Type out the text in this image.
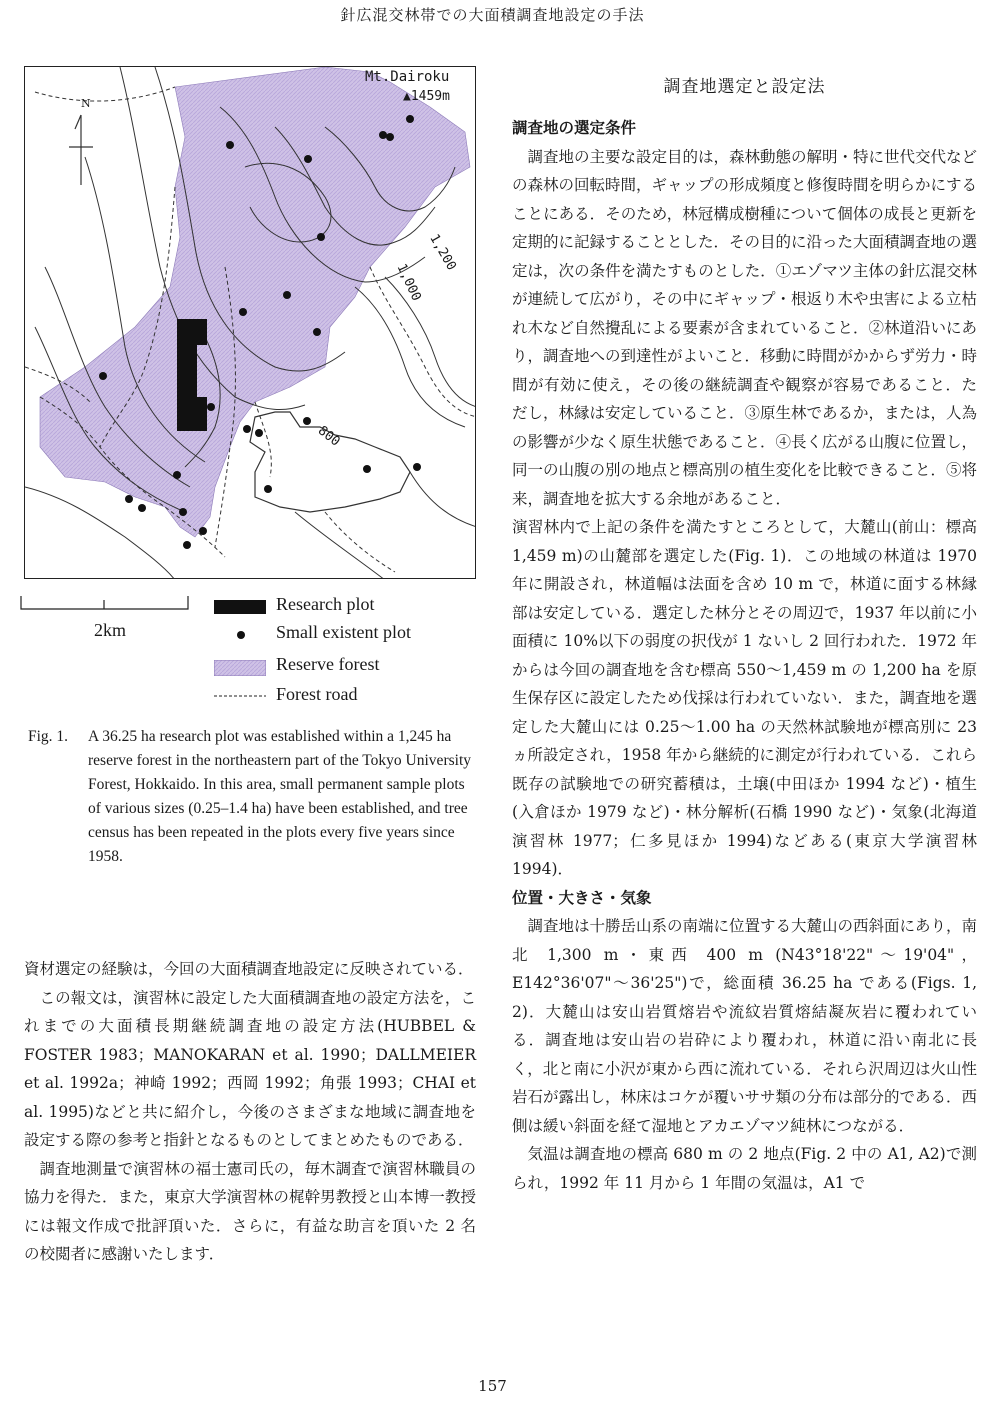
針広混交林帯での大面積調査地設定の手法
N
Mt.Dairoku
▲1459m
1,200
1,000
800
2km
Research plot
Small existent plot
Reserve forest
Forest road
Fig. 1. A 36.25 ha research plot was established within a 1,245 ha reserve forest in the northeastern part of the Tokyo University Forest, Hokkaido. In this area, small permanent sample plots of various sizes (0.25–1.4 ha) have been established, and tree census has been repeated in the plots every five years since 1958.

資材選定の経験は，今回の大面積調査地設定に反映されている．

この報文は，演習林に設定した大面積調査地の設定方法を，これまでの大面積長期継続調査地の設定方法(HUBBEL & FOSTER 1983；MANOKARAN et al. 1990；DALLMEIER et al. 1992a；神崎 1992；西岡 1992；角張 1993；CHAI et al. 1995)などと共に紹介し，今後のさまざまな地域に調査地を設定する際の参考と指針となるものとしてまとめたものである．

調査地測量で演習林の福士憲司氏の，毎木調査で演習林職員の協力を得た．また，東京大学演習林の梶幹男教授と山本博一教授には報文作成で批評頂いた．さらに，有益な助言を頂いた 2 名の校閲者に感謝いたします．

調査地選定と設定法

調査地の選定条件

調査地の主要な設定目的は，森林動態の解明・特に世代交代などの森林の回転時間，ギャップの形成頻度と修復時間を明らかにすることにある．そのため，林冠構成樹種について個体の成長と更新を定期的に記録することとした．その目的に沿った大面積調査地の選定は，次の条件を満たすものとした．①エゾマツ主体の針広混交林が連続して広がり，その中にギャップ・根返り木や虫害による立枯れ木など自然攪乱による要素が含まれていること．②林道沿いにあり，調査地への到達性がよいこと．移動に時間がかからず労力・時間が有効に使え，その後の継続調査や観察が容易であること．ただし，林縁は安定していること．③原生林であるか，または，人為の影響が少なく原生状態であること．④長く広がる山腹に位置し，同一の山腹の別の地点と標高別の植生変化を比較できること．⑤将来，調査地を拡大する余地があること．

演習林内で上記の条件を満たすところとして，大麓山(前山：標高 1,459 m)の山麓部を選定した(Fig. 1)．この地域の林道は 1970 年に開設され，林道幅は法面を含め 10 m で，林道に面する林縁部は安定している．選定した林分とその周辺で，1937 年以前に小面積に 10%以下の弱度の択伐が 1 ないし 2 回行われた．1972 年からは今回の調査地を含む標高 550～1,459 m の 1,200 ha を原生保存区に設定したため伐採は行われていない．また，調査地を選定した大麓山には 0.25～1.00 ha の天然林試験地が標高別に 23 ヵ所設定され，1958 年から継続的に測定が行われている．これら既存の試験地での研究蓄積は，土壌(中田ほか 1994 など)・植生(入倉ほか 1979 など)・林分解析(石橋 1990 など)・気象(北海道演習林 1977；仁多見ほか 1994)などある(東京大学演習林 1994)．

位置・大きさ・気象

調査地は十勝岳山系の南端に位置する大麓山の西斜面にあり，南北 1,300 m・東西 400 m (N43°18'22"～19'04"，E142°36'07"～36'25")で，総面積 36.25 ha である(Figs. 1, 2)．大麓山は安山岩質熔岩や流紋岩質熔結凝灰岩に覆われている．調査地は安山岩の岩砕により覆われ，林道に沿い南北に長く，北と南に小沢が東から西に流れている．それら沢周辺は火山性岩石が露出し，林床はコケが覆いササ類の分布は部分的である．西側は緩い斜面を経て湿地とアカエゾマツ純林につながる．

気温は調査地の標高 680 m の 2 地点(Fig. 2 中の A1, A2)で測られ，1992 年 11 月から 1 年間の気温は，A1 で

157
